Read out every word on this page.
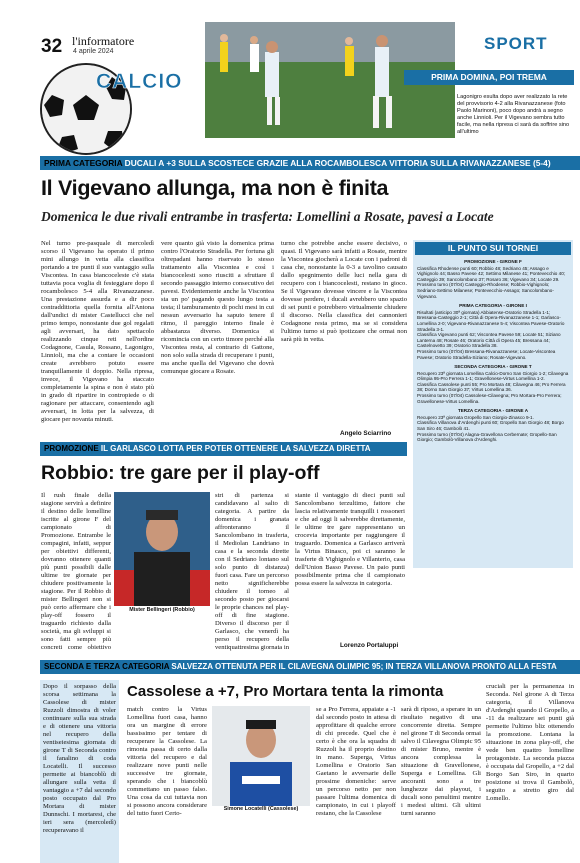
32 l'informatore
4 aprile 2024	SPORT
CALCIO	PRIMA DOMINA, POI TREMA
Lagonigro esulta dopo aver realizzato la rete del provvisorio 4-2 alla Rivanazzanese (foto Paolo Marinoni), poco dopo andrà a segno anche Linnioli. Per il Vigevano sembra tutto facile, ma nella ripresa ci sarà da soffrire sino all'ultimo
PRIMA CATEGORIA DUCALI A +3 SULLA SCOSTECE GRAZIE ALLA ROCAMBOLESCA VITTORIA SULLA RIVANAZZANESE (5-4)
Il Vigevano allunga, ma non è finita
Domenica le due rivali entrambe in trasferta: Lomellini a Rosate, pavesi a Locate
Nel turno pre-pasquale di mercoledì scorso il Vigevano ha operato il primo mini allungo in vetta alla classifica portando a tre punti il suo vantaggio sulla Viscontea. In casa biancoceleste c'è stata tuttavia poca voglia di festeggiare dopo il rocambolesco 5-4 alla Rivanazzanese. Una prestazione assurda e a dir poco contraddittoria quella fornita all'Antona dall'undici di mister Castellucci che nel primo tempo, nonostante due gol regalati agli avversari, ha dato spettacolo realizzando cinque reti nell'ordine Codagnone, Casula, Rossano, Lagonigro, Linnioli, ma che a contare le occasioni create avrebbero potuto essere tranquillamente il doppio. Nella ripresa, invece, il Vigevano ha staccato completamente la spina e non è stato più in grado di ripartire in contropiede o di ragionare per attaccare, consentendo agli avversari, in lotta per la salvezza, di giocare per novanta minuti.
vere quanto già visto la domenica prima contro l'Oratorio Stradella. Per fortuna gli oltrepadani hanno riservato lo stesso trattamento alla Viscontea e così i biancocelesti sono riusciti a sfruttare il secondo passaggio interno consecutivo dei pavesi. Evidentemente anche la Viscontea sta un po' pagando questo lungo testa a testa; il tamburamento di pochi mesi in cui nessun avversario ha saputo tenere il ritmo, il pareggio interno finale è abbastanza diverso. Domenica si ricomincia con un certo timore perché alla Viscontea resta, al contrario di Gattone, non solo sulla strada di recuperare i punti, ma anche quella del Vigevano che dovrà comunque giocare a Rosate.
turno che potrebbe anche essere decisivo, o quasi. Il Vigevano sarà infatti a Rosate, mentre la Viscontea giocherà a Locate con i padroni di casa che, nonostante la 0-3 a tavolino causato dallo spegnimento delle luci nella gara di recupero con i biancocelesti, restano in gioco. Se il Vigevano dovesse vincere e la Viscontea dovesse perdere, i ducali avrebbero uno spazio di sei punti e potrebbero virtualmente chiudere il discorso. Nella classifica dei cannonieri Codagnone resta primo, ma se si considera l'ultimo turno si può ipotizzare che ormai non sarà più in vetta.
Angelo Sciarrino
IL PUNTO SUI TORNEI
PROMOZIONE - GIRONE F
Classifica Rhodense punti 60; Robbio 48; Sedriano 45; Assago e Vighignolo 44; Basso Pavese 42; Settimo Milanese 41; Pontevecchio 40; Casteggio 39; Sancolombano 37; Rosaro 36; Vigevano 34; Locate 29.
Prossimo turno (07/04) Casteggio-Rhodense; Robbio-Vighignolo; Sedriano-Settimo Milanese; Pontevecchio-Assago; Sancolombano-Vigevano.
PRIMA CATEGORIA - GIRONE I
Risultati (anticipo 30ª giornata) Abbiatense-Oratorio Stradella 1-1; Bressana-Casteggio 2-1; Città di Opera-Rivanazzanese 1-1; Garlasco-Lomellina 2-0; Vigevano-Rivanazzanese 5-4; Viscontea Pavese-Oratorio Stradella 3-1.
Classifica Vigevano punti 62; Viscontea Pavese 59; Locate 51; Siziano Lanterna 48; Rosate 46; Oratorio Città di Opera 45; Bressana 44; Castelnovetto 39; Oratorio Stradella 38.
Prossimo turno (07/04) Bressana-Rivanazzanese; Locate-Viscontea Pavese; Oratorio Stradella-Siziano; Rosate-Vigevano.
SECONDA CATEGORIA - GIRONE T
Recupero 23ª giornata Lomellina Calcio-Dorno San Giorgio 1-2; Cilavegna Olimpia 95-Pro Ferrera 1-1; Gravellonese-Virtus Lomellina 1-2.
Classifica Cassolese punti 55; Pro Mortara 48; Cilavegna 46; Pro Ferrera 38; Dorno San Giorgio 37; Virtus Lomellina 36.
Prossimo turno (07/04) Cassolese-Cilavegna; Pro Mortara-Pro Ferrera; Gravellonese-Virtus Lomellina.
TERZA CATEGORIA - GIRONE A
Recupero 23ª giornata Gropello San Giorgio-Zinasco 9-1.
Classifica Villanova d'Ardenghi punti 60; Gropello San Giorgio 48; Borgo San Siro 46; Gambolò 41.
Prossimo turno (07/04) Alagna-Gravellona Cerbernate; Gropello-San Giorgio; Gambolò-Villanova d'Ardenghi.
PROMOZIONE IL GARLASCO LOTTA PER POTER OTTENERE LA SALVEZZA DIRETTA
Robbio: tre gare per il play-off
Il rush finale della stagione servirà a definire il destino delle lomelline iscritte al girone F del campionato di Promozione. Entrambe le compagini, infatti, seppur per obiettivi differenti, dovranno ottenere quanti più punti possibili dalle ultime tre giornate per chiudere positivamente la stagione. Per il Robbio di mister Bellingeri non si può certo affermare che i play-off fossero il traguardo richiesto dalla società, ma gli sviluppi si sono fatti sempre più concreti come obiettivo
Mister Bellingeri (Robbio)
stri di partenza si candidavano al salto di categoria. A partire da domenica i granata affronteranno il Sancolombano in trasferta, il Mediolan Landriano in casa e la seconda dirette con il Sedriano lontano sul solo punto di distanza) fuori casa. Fare un percorso netto significherebbe chiudere il torneo al secondo posto per giocarsi le proprie chances nel play-off di fine stagione. Diverso il discorso per il Garlasco, che venerdì ha perso il recupero della ventiquattresima giornata in
stante il vantaggio di dieci punti sul Sancolombano terzultimo, fattore che lascia relativamente tranquilli i rossoneri e che ad oggi li salverebbe direttamente, le ultime tre gare rappresentano un crocevia importante per raggiungere il traguardo. Domenica a Garlasco arriverà la Virtus Binasco, poi ci saranno le trasferte di Vighignolo e Villanterio, casa dell'Union Basso Pavese. Un paio punti possibilmente prima che il campionato possa essere la salvezza in categoria.
Lorenzo Portaluppi
SECONDA E TERZA CATEGORIA SALVEZZA OTTENUTA PER IL CILAVEGNA OLIMPIC 95; IN TERZA VILLANOVA PRONTO ALLA FESTA
Dopo il sorpasso della scorsa settimana la Cassolese di mister Ruzzoli dimostra di voler continuare sulla sua strada e di ottenere una vittoria nel recupero della ventiseiesima giornata di girone T di Seconda contro il fanalino di coda Locatelli. Il successo permette ai biancoblù di allungare sulla vetta il vantaggio a +7 dal secondo posto occupato dal Pro Mortara di mister Dunnschi. I mortaresi, che ieri sera (mercoledì) recuperavano il
Cassolese a +7, Pro Mortara tenta la rimonta
match contro la Virtus Lomellina fuori casa, hanno ora un margine di errore bassissimo per tentare di recuperare la Cassolese. La rimonta passa di certo dalla vittoria del recupero e dal realizzare nove punti nelle successive tre giornate, sperando che i biancoblù commettano un passo falso. Una cosa da cui tuttavia non si possono ancora considerare del tutto fuori Certo-
Simone Locatelli (Cassolese)
se a Pro Ferrera, appaiate a -1 dal secondo posto in attesa di approfittare di qualche errore di chi precede. Quel che è certo è che ora la squadra di Ruzzoli ha il proprio destino in mano. Superga, Virtus Lomellina e Oratorio San Gaetano le avversarie delle prossime domeniche: serve un percorso netto per non passare l'ultima domenica di campionato, in cui i playoff restano, che la Cassolese
sarà di riposo, a sperare in un risultato negativo di una concorrente diretta. Sempre nel girone T di Seconda ormai salvo il Cilavegna Olimpic 95 di mister Bruno, mentre è ancora complessa la situazione di Gravellonese, Superga e Lomellina. Gli ancoranti sono a tre lunghezze dai playout, i ducali sono penultimi mentre i medesi ultimi. Gli ultimi turni saranno
cruciali per la permanenza in Seconda. Nel girone A di Terza categoria, il Villanova d'Ardenghi quando il Gropello, a -11 da realizzare sei punti già permette l'ultimo bliz ottenendo la promozione. Lontana la situazione in zona play-off, che vede ben quattro lomelline protagoniste. La seconda piazza è occupata dal Gropello, a +2 dal Borgo San Siro, in quarto posizione si trova il Gambolò, seguito a stretto giro dal Lomello.
